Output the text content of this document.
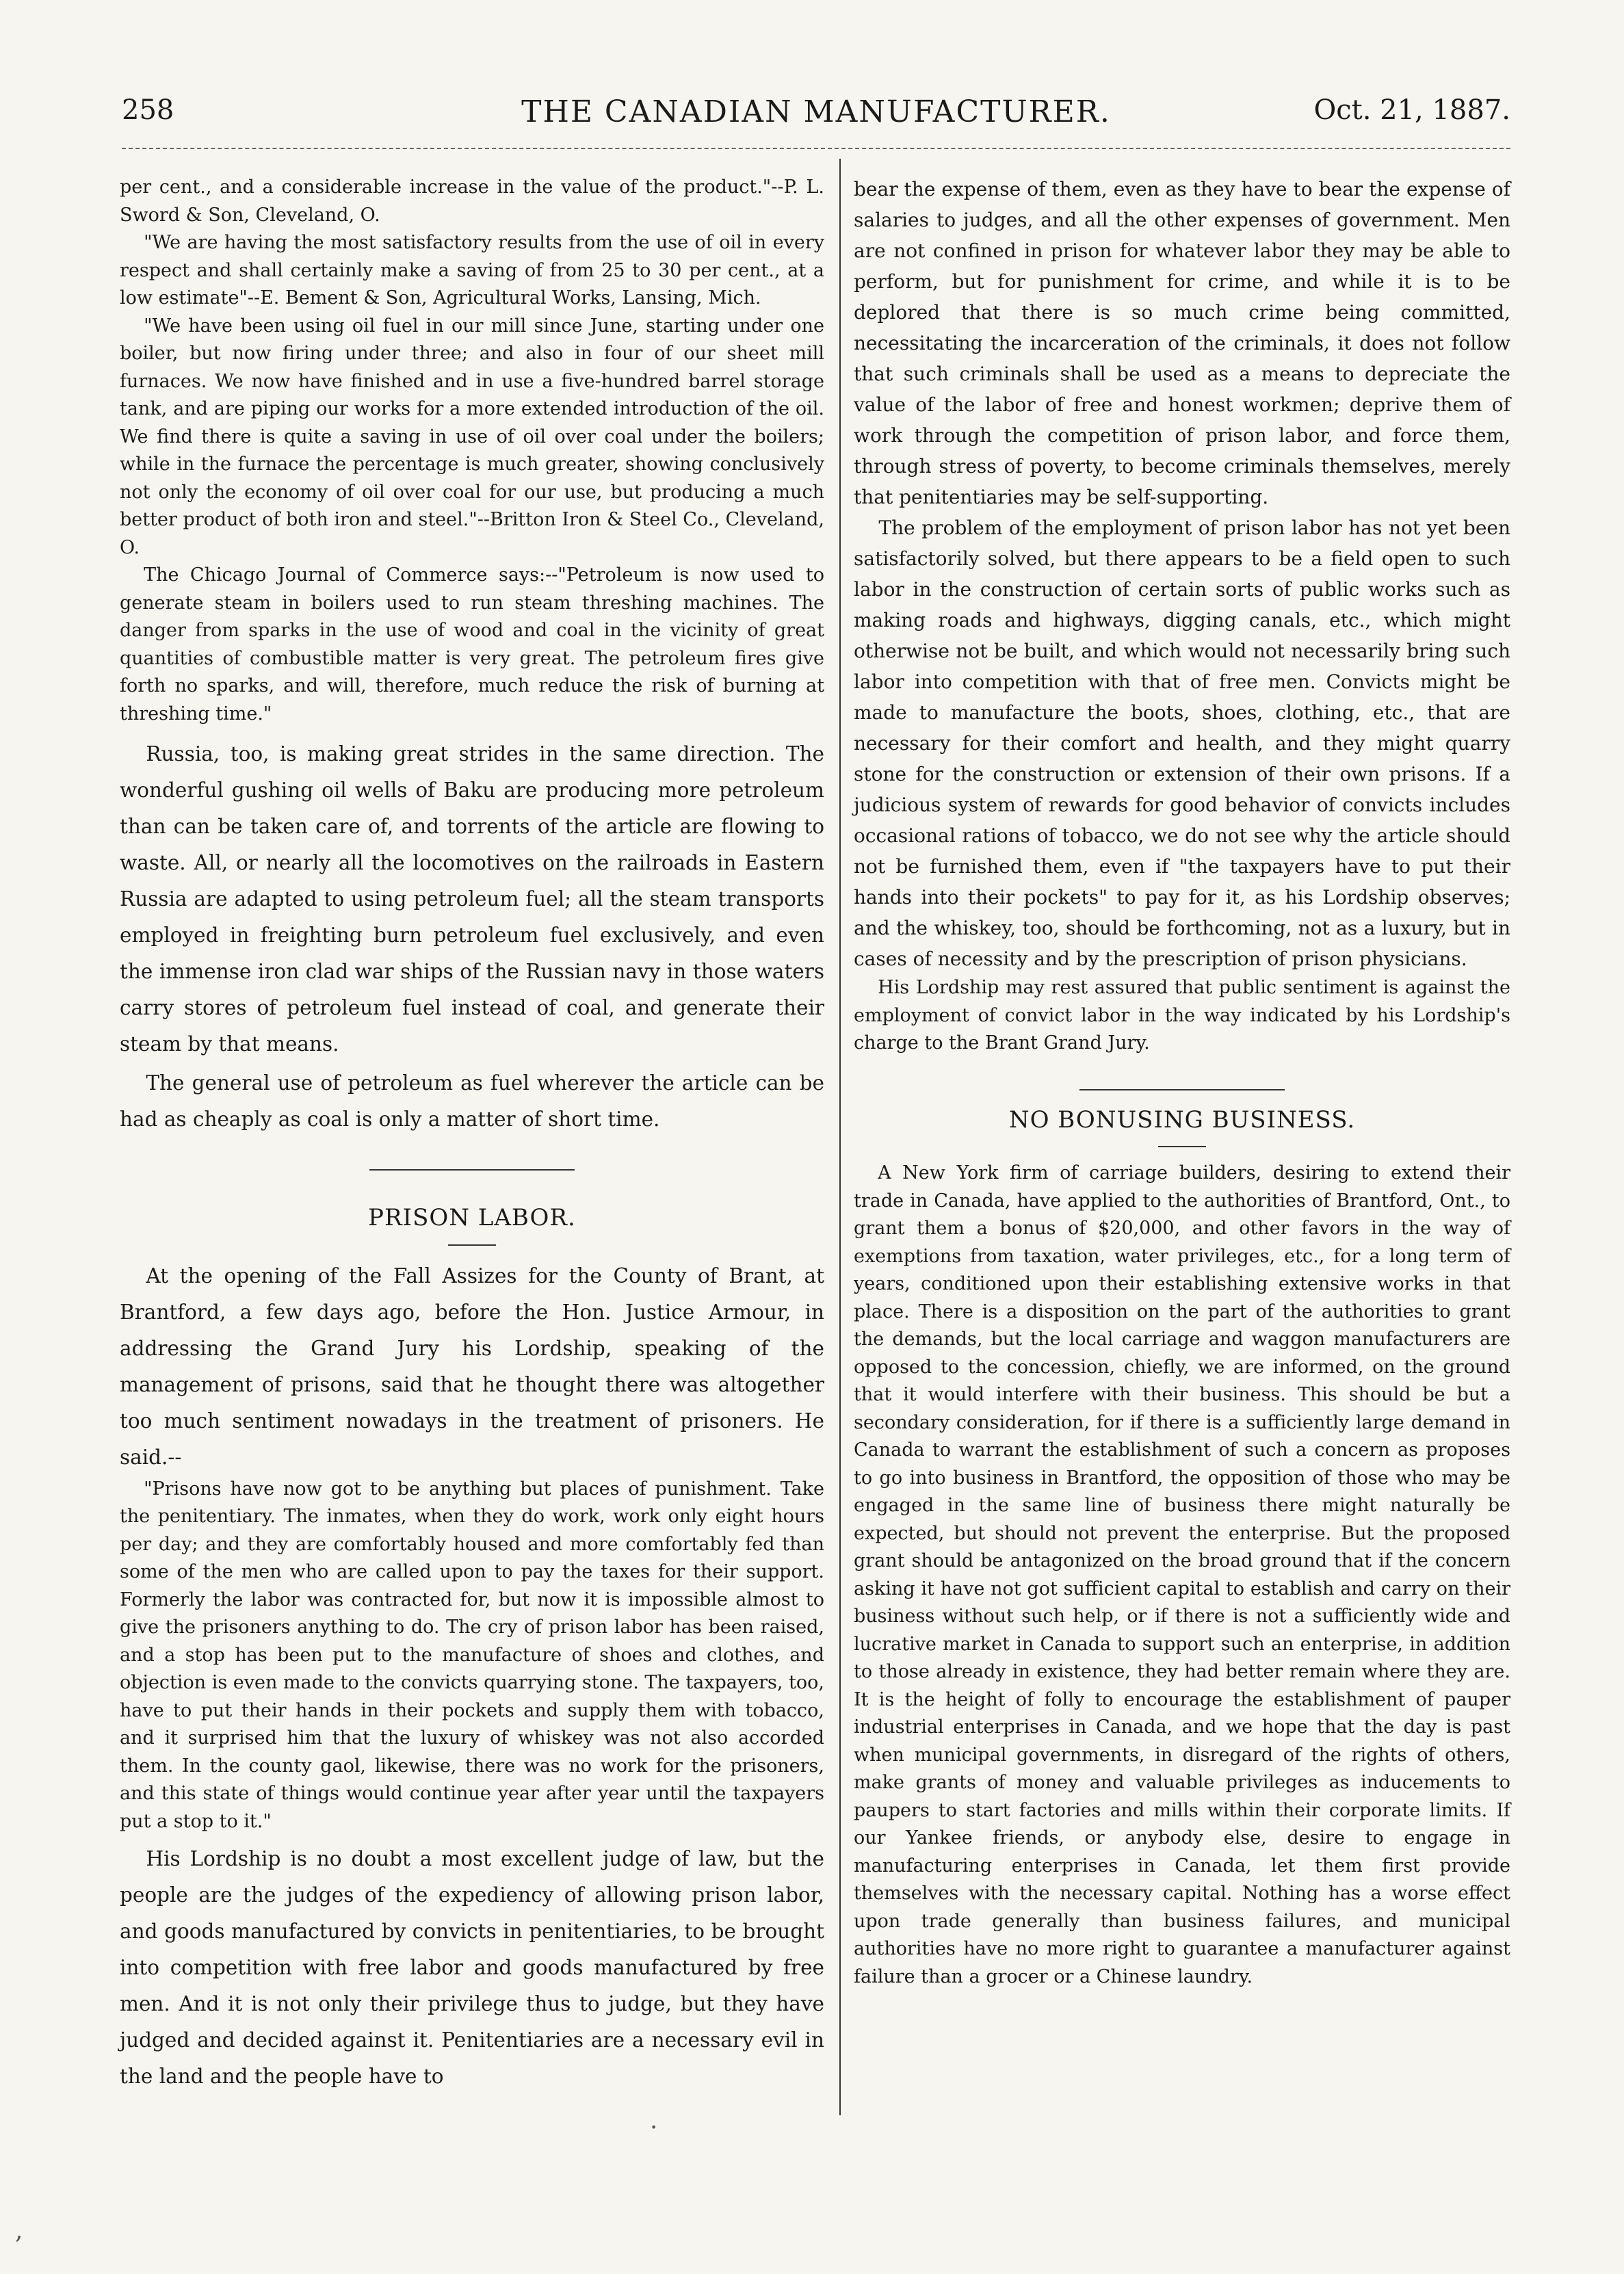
258	THE CANADIAN MANUFACTURER.	Oct. 21, 1887.

per cent., and a considerable increase in the value of the product."--P. L. Sword & Son, Cleveland, O.

"We are having the most satisfactory results from the use of oil in every respect and shall certainly make a saving of from 25 to 30 per cent., at a low estimate"--E. Bement & Son, Agricultural Works, Lansing, Mich.

"We have been using oil fuel in our mill since June, starting under one boiler, but now firing under three; and also in four of our sheet mill furnaces. We now have finished and in use a five-hundred barrel storage tank, and are piping our works for a more extended introduction of the oil. We find there is quite a saving in use of oil over coal under the boilers; while in the furnace the percentage is much greater, showing conclusively not only the economy of oil over coal for our use, but producing a much better product of both iron and steel."--Britton Iron & Steel Co., Cleveland, O.

The Chicago Journal of Commerce says:--"Petroleum is now used to generate steam in boilers used to run steam threshing machines. The danger from sparks in the use of wood and coal in the vicinity of great quantities of combustible matter is very great. The petroleum fires give forth no sparks, and will, therefore, much reduce the risk of burning at threshing time."

Russia, too, is making great strides in the same direction. The wonderful gushing oil wells of Baku are producing more petroleum than can be taken care of, and torrents of the article are flowing to waste. All, or nearly all the locomotives on the railroads in Eastern Russia are adapted to using petroleum fuel; all the steam transports employed in freighting burn petroleum fuel exclusively, and even the immense iron clad war ships of the Russian navy in those waters carry stores of petroleum fuel instead of coal, and generate their steam by that means.

The general use of petroleum as fuel wherever the article can be had as cheaply as coal is only a matter of short time.

PRISON LABOR.

At the opening of the Fall Assizes for the County of Brant, at Brantford, a few days ago, before the Hon. Justice Armour, in addressing the Grand Jury his Lordship, speaking of the management of prisons, said that he thought there was altogether too much sentiment nowadays in the treatment of prisoners. He said.--

"Prisons have now got to be anything but places of punishment. Take the penitentiary. The inmates, when they do work, work only eight hours per day; and they are comfortably housed and more comfortably fed than some of the men who are called upon to pay the taxes for their support. Formerly the labor was contracted for, but now it is impossible almost to give the prisoners anything to do. The cry of prison labor has been raised, and a stop has been put to the manufacture of shoes and clothes, and objection is even made to the convicts quarrying stone. The taxpayers, too, have to put their hands in their pockets and supply them with tobacco, and it surprised him that the luxury of whiskey was not also accorded them. In the county gaol, likewise, there was no work for the prisoners, and this state of things would continue year after year until the taxpayers put a stop to it."

His Lordship is no doubt a most excellent judge of law, but the people are the judges of the expediency of allowing prison labor, and goods manufactured by convicts in penitentiaries, to be brought into competition with free labor and goods manufactured by free men. And it is not only their privilege thus to judge, but they have judged and decided against it. Penitentiaries are a necessary evil in the land and the people have to

bear the expense of them, even as they have to bear the expense of salaries to judges, and all the other expenses of government. Men are not confined in prison for whatever labor they may be able to perform, but for punishment for crime, and while it is to be deplored that there is so much crime being committed, necessitating the incarceration of the criminals, it does not follow that such criminals shall be used as a means to depreciate the value of the labor of free and honest workmen; deprive them of work through the competition of prison labor, and force them, through stress of poverty, to become criminals themselves, merely that penitentiaries may be self-supporting.

The problem of the employment of prison labor has not yet been satisfactorily solved, but there appears to be a field open to such labor in the construction of certain sorts of public works such as making roads and highways, digging canals, etc., which might otherwise not be built, and which would not necessarily bring such labor into competition with that of free men. Convicts might be made to manufacture the boots, shoes, clothing, etc., that are necessary for their comfort and health, and they might quarry stone for the construction or extension of their own prisons. If a judicious system of rewards for good behavior of convicts includes occasional rations of tobacco, we do not see why the article should not be furnished them, even if "the taxpayers have to put their hands into their pockets" to pay for it, as his Lordship observes; and the whiskey, too, should be forthcoming, not as a luxury, but in cases of necessity and by the prescription of prison physicians.

His Lordship may rest assured that public sentiment is against the employment of convict labor in the way indicated by his Lordship's charge to the Brant Grand Jury.

NO BONUSING BUSINESS.

A New York firm of carriage builders, desiring to extend their trade in Canada, have applied to the authorities of Brantford, Ont., to grant them a bonus of $20,000, and other favors in the way of exemptions from taxation, water privileges, etc., for a long term of years, conditioned upon their establishing extensive works in that place. There is a disposition on the part of the authorities to grant the demands, but the local carriage and waggon manufacturers are opposed to the concession, chiefly, we are informed, on the ground that it would interfere with their business. This should be but a secondary consideration, for if there is a sufficiently large demand in Canada to warrant the establishment of such a concern as proposes to go into business in Brantford, the opposition of those who may be engaged in the same line of business there might naturally be expected, but should not prevent the enterprise. But the proposed grant should be antagonized on the broad ground that if the concern asking it have not got sufficient capital to establish and carry on their business without such help, or if there is not a sufficiently wide and lucrative market in Canada to support such an enterprise, in addition to those already in existence, they had better remain where they are. It is the height of folly to encourage the establishment of pauper industrial enterprises in Canada, and we hope that the day is past when municipal governments, in disregard of the rights of others, make grants of money and valuable privileges as inducements to paupers to start factories and mills within their corporate limits. If our Yankee friends, or anybody else, desire to engage in manufacturing enterprises in Canada, let them first provide themselves with the necessary capital. Nothing has a worse effect upon trade generally than business failures, and municipal authorities have no more right to guarantee a manufacturer against failure than a grocer or a Chinese laundry.

·
,
